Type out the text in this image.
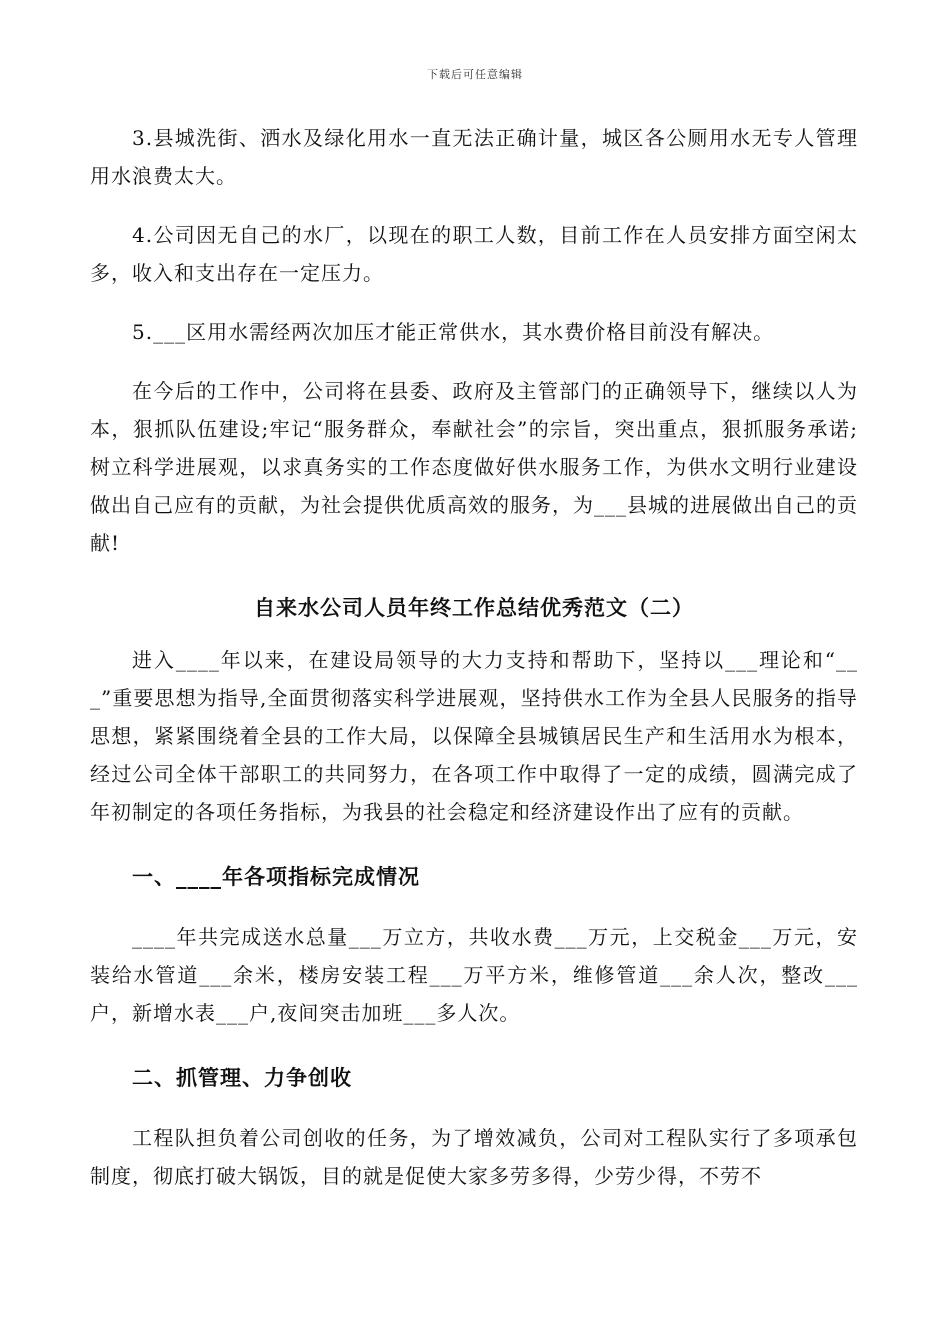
下载后可任意编辑

3.县城洗街、洒水及绿化用水一直无法正确计量，城区各公厕用水无专人管理用水浪费太大。

4.公司因无自己的水厂，以现在的职工人数，目前工作在人员安排方面空闲太多，收入和支出存在一定压力。

5.___区用水需经两次加压才能正常供水，其水费价格目前没有解决。

在今后的工作中，公司将在县委、政府及主管部门的正确领导下，继续以人为本，狠抓队伍建设;牢记“服务群众，奉献社会”的宗旨，突出重点，狠抓服务承诺;树立科学进展观，以求真务实的工作态度做好供水服务工作，为供水文明行业建设做出自己应有的贡献，为社会提供优质高效的服务，为___县城的进展做出自己的贡献!

自来水公司人员年终工作总结优秀范文（二）

进入____年以来，在建设局领导的大力支持和帮助下，坚持以___理论和“___”重要思想为指导,全面贯彻落实科学进展观，坚持供水工作为全县人民服务的指导思想，紧紧围绕着全县的工作大局，以保障全县城镇居民生产和生活用水为根本，经过公司全体干部职工的共同努力，在各项工作中取得了一定的成绩，圆满完成了年初制定的各项任务指标，为我县的社会稳定和经济建设作出了应有的贡献。

一、____年各项指标完成情况

____年共完成送水总量___万立方，共收水费___万元，上交税金___万元，安装给水管道___余米，楼房安装工程___万平方米，维修管道___余人次，整改___户，新增水表___户,夜间突击加班___多人次。

二、抓管理、力争创收

工程队担负着公司创收的任务，为了增效减负，公司对工程队实行了多项承包制度，彻底打破大锅饭，目的就是促使大家多劳多得，少劳少得，不劳不
